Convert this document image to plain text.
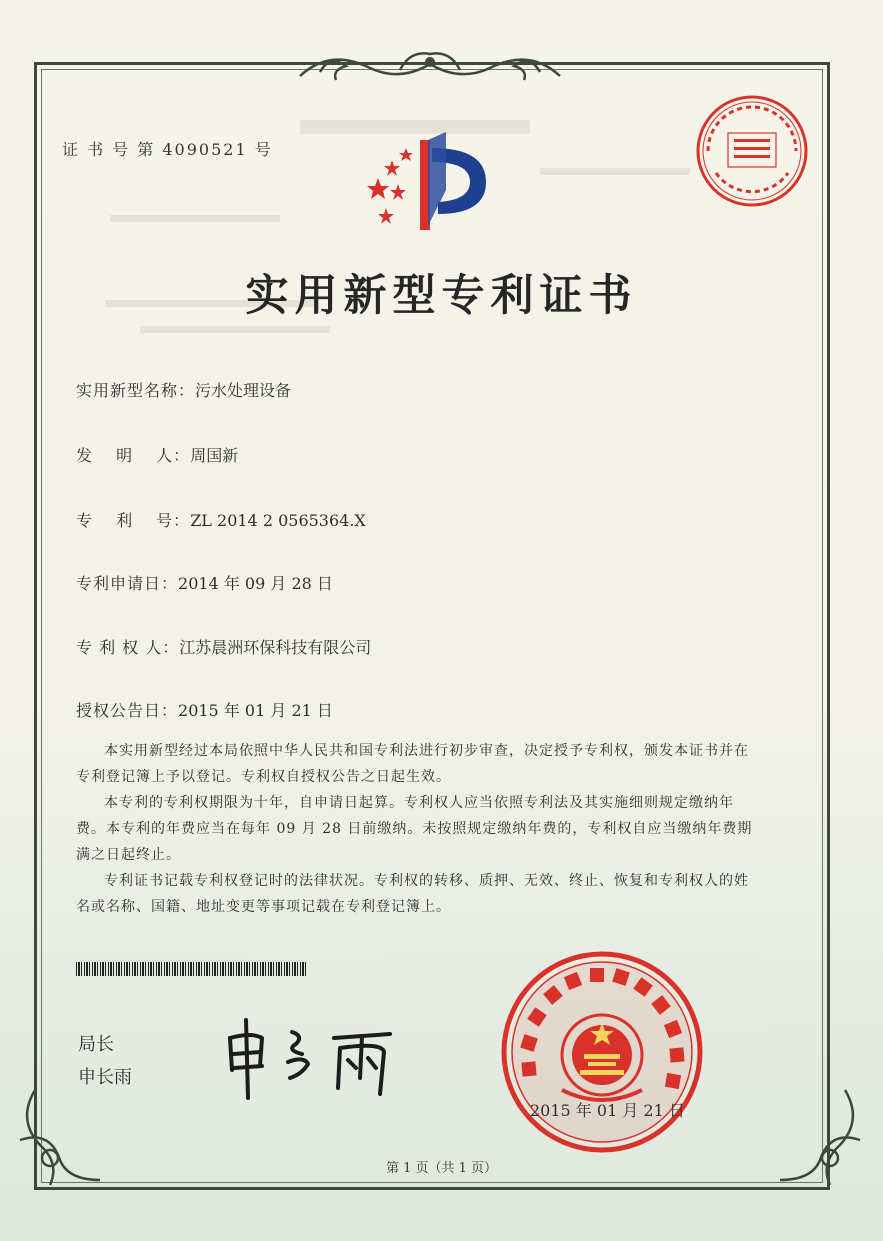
证 书 号 第 4090521 号
实用新型专利证书
实用新型名称：污水处理设备
发　 明　 人：周国新
专　 利　 号：ZL 2014 2 0565364.X
专利申请日：2014 年 09 月 28 日
专 利 权 人：江苏晨洲环保科技有限公司
授权公告日：2015 年 01 月 21 日

本实用新型经过本局依照中华人民共和国专利法进行初步审查，决定授予专利权，颁发本证书并在专利登记簿上予以登记。专利权自授权公告之日起生效。

本专利的专利权期限为十年，自申请日起算。专利权人应当依照专利法及其实施细则规定缴纳年费。本专利的年费应当在每年 09 月 28 日前缴纳。未按照规定缴纳年费的，专利权自应当缴纳年费期满之日起终止。

专利证书记载专利权登记时的法律状况。专利权的转移、质押、无效、终止、恢复和专利权人的姓名或名称、国籍、地址变更等事项记载在专利登记簿上。

局长
申长雨
2015 年 01 月 21 日
第 1 页（共 1 页）
